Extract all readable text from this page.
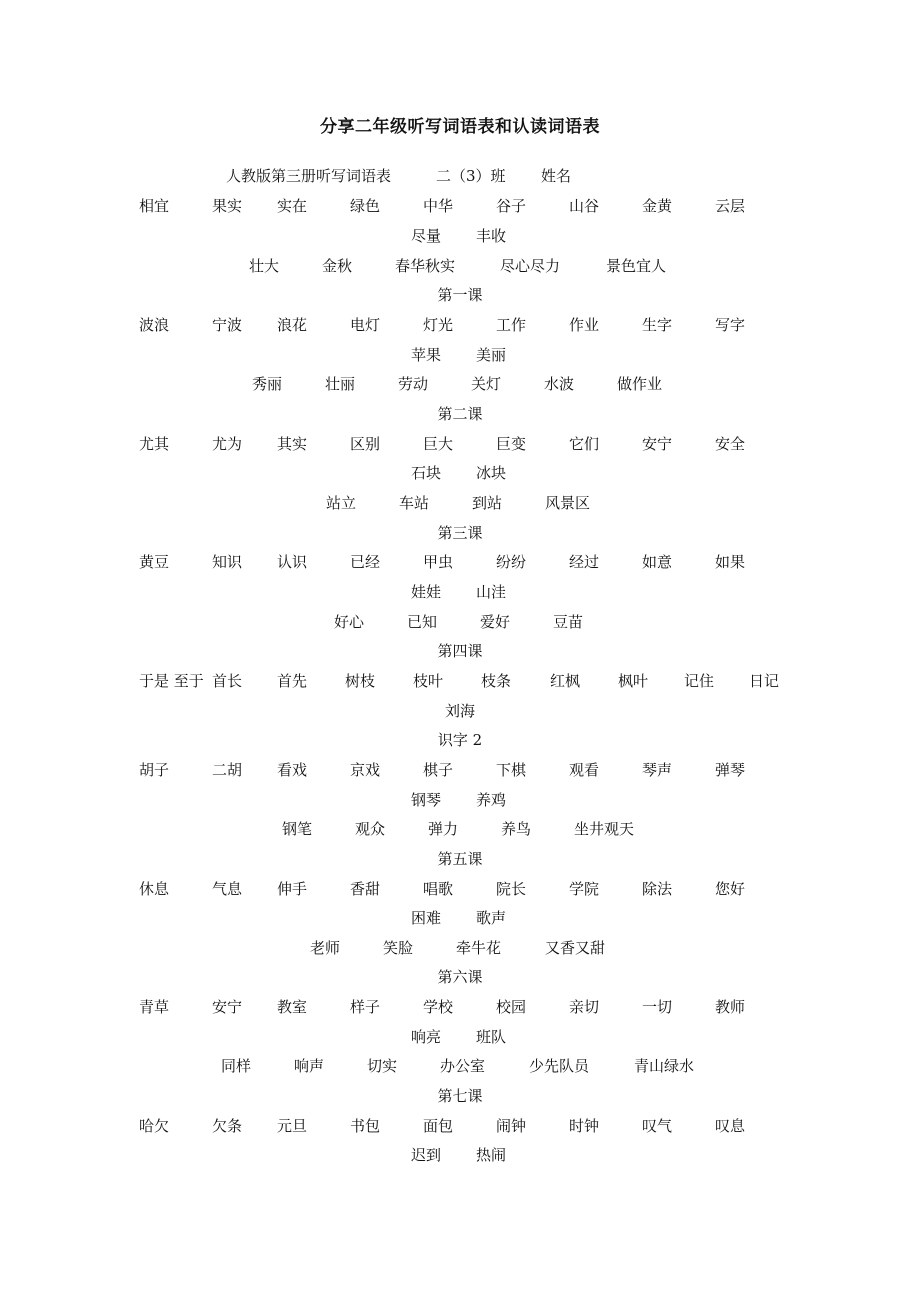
分享二年级听写词语表和认读词语表
人教版第三册听写词语表	二（3）班 姓名
相宜	果实 实在	绿色	中华	谷子	山谷	金黄	云层
尽量 丰收
壮大	金秋	春华秋实	尽心尽力	景色宜人
第一课
波浪	宁波 浪花	电灯	灯光	工作	作业	生字	写字
苹果 美丽
秀丽	壮丽	劳动	关灯	水波	做作业
第二课
尤其	尤为 其实	区别	巨大	巨变	它们	安宁	安全
石块 冰块
站立	车站	到站	风景区
第三课
黄豆	知识 认识	已经	甲虫	纷纷	经过	如意	如果
娃娃 山洼
好心	已知	爱好	豆苗
第四课
于是 至于 首长 首先	树枝	枝叶	枝条	红枫	枫叶 记住 日记
刘海
识字 2
胡子	二胡 看戏	京戏	棋子	下棋	观看	琴声	弹琴
钢琴 养鸡
钢笔	观众	弹力	养鸟	坐井观天
第五课
休息	气息 伸手	香甜	唱歌	院长	学院	除法	您好
困难 歌声
老师	笑脸	牵牛花	又香又甜
第六课
青草	安宁 教室	样子	学校	校园	亲切	一切	教师
响亮 班队
同样	响声	切实	办公室	少先队员	青山绿水
第七课
哈欠	欠条 元旦	书包	面包	闹钟	时钟	叹气	叹息
迟到 热闹
